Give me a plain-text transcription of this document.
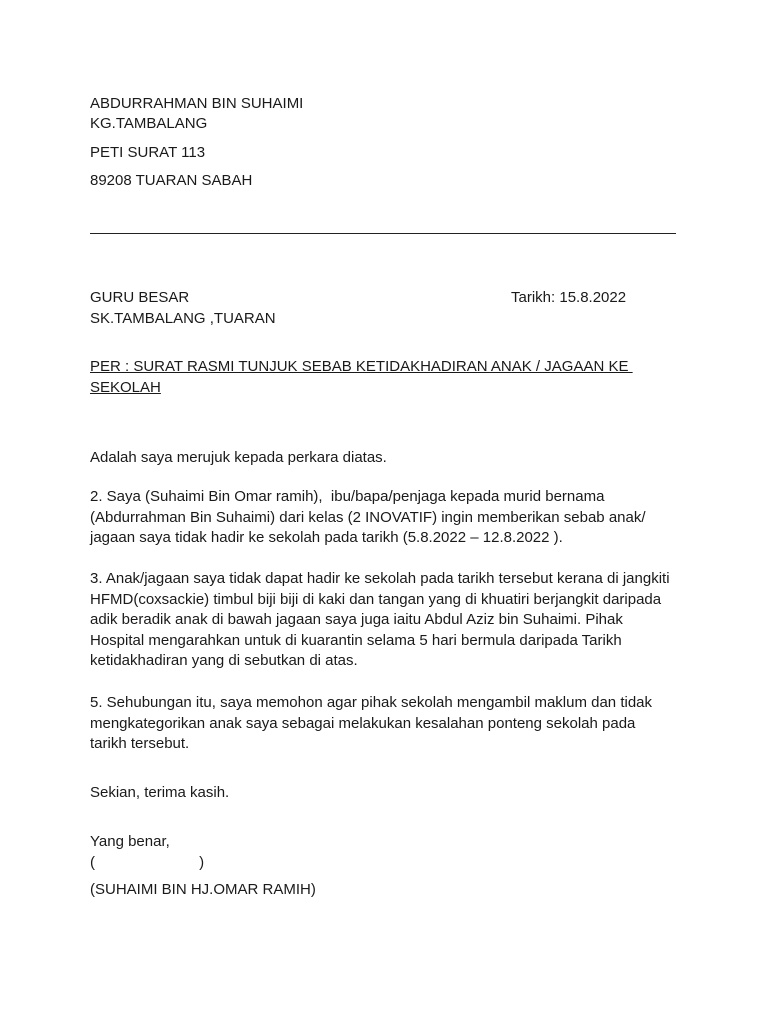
ABDURRAHMAN BIN SUHAIMI
KG.TAMBALANG
PETI SURAT 113
89208 TUARAN SABAH
GURU BESAR	Tarikh: 15.8.2022
SK.TAMBALANG ,TUARAN
PER : SURAT RASMI TUNJUK SEBAB KETIDAKHADIRAN ANAK / JAGAAN KE
SEKOLAH
Adalah saya merujuk kepada perkara diatas.
2. Saya (Suhaimi Bin Omar ramih),  ibu/bapa/penjaga kepada murid bernama
(Abdurrahman Bin Suhaimi) dari kelas (2 INOVATIF) ingin memberikan sebab anak/
jagaan saya tidak hadir ke sekolah pada tarikh (5.8.2022 – 12.8.2022 ).
3. Anak/jagaan saya tidak dapat hadir ke sekolah pada tarikh tersebut kerana di jangkiti
HFMD(coxsackie) timbul biji biji di kaki dan tangan yang di khuatiri berjangkit daripada
adik beradik anak di bawah jagaan saya juga iaitu Abdul Aziz bin Suhaimi. Pihak
Hospital mengarahkan untuk di kuarantin selama 5 hari bermula daripada Tarikh
ketidakhadiran yang di sebutkan di atas.
5. Sehubungan itu, saya memohon agar pihak sekolah mengambil maklum dan tidak
mengkategorikan anak saya sebagai melakukan kesalahan ponteng sekolah pada
tarikh tersebut.
Sekian, terima kasih.
Yang benar,
(                         )
(SUHAIMI BIN HJ.OMAR RAMIH)
